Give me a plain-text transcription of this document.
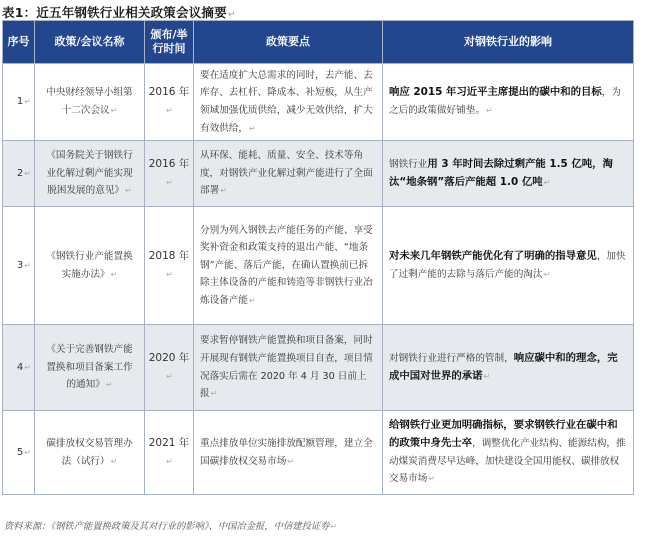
表1：近五年钢铁行业相关政策会议摘要↵
序号	政策/会议名称	颁布/举行时间	政策要点	对钢铁行业的影响
1↵	中央财经领导小组第十二次会议↵	2016 年↵	要在适度扩大总需求的同时，去产能、去库存、去杠杆、降成本、补短板，从生产领域加强优质供给，减少无效供给，扩大有效供给，↵	响应 2015 年习近平主席提出的碳中和的目标，为之后的政策做好铺垫。↵
2↵	《国务院关于钢铁行业化解过剩产能实现脱困发展的意见》↵	2016 年↵	从环保、能耗、质量、安全、技术等角度，对钢铁产业化解过剩产能进行了全面部署↵	钢铁行业用 3 年时间去除过剩产能 1.5 亿吨，淘汰“地条钢”落后产能超 1.0 亿吨↵
3↵	《钢铁行业产能置换实施办法》↵	2018 年↵	分别为列入钢铁去产能任务的产能、享受奖补资金和政策支持的退出产能、“地条钢”产能、落后产能，在确认置换前已拆除主体设备的产能和铸造等非钢铁行业冶炼设备产能↵	对未来几年钢铁产能优化有了明确的指导意见，加快了过剩产能的去除与落后产能的淘汰↵
4↵	《关于完善钢铁产能置换和项目备案工作的通知》↵	2020 年↵	要求暂停钢铁产能置换和项目备案，同时开展现有钢铁产能置换项目自查，项目情况落实后需在 2020 年 4 月 30 日前上报↵	对钢铁行业进行严格的管制，响应碳中和的理念，完成中国对世界的承诺↵
5↵	碳排放权交易管理办法（试行）↵	2021 年↵	重点排放单位实施排放配额管理，建立全国碳排放权交易市场↵	给钢铁行业更加明确指标，要求钢铁行业在碳中和的政策中身先士卒，调整优化产业结构、能源结构，推动煤炭消费尽早达峰，加快建设全国用能权、碳排放权交易市场↵
资料来源：《钢铁产能置换政策及其对行业的影响》、中国冶金报，中信建投证券↵
